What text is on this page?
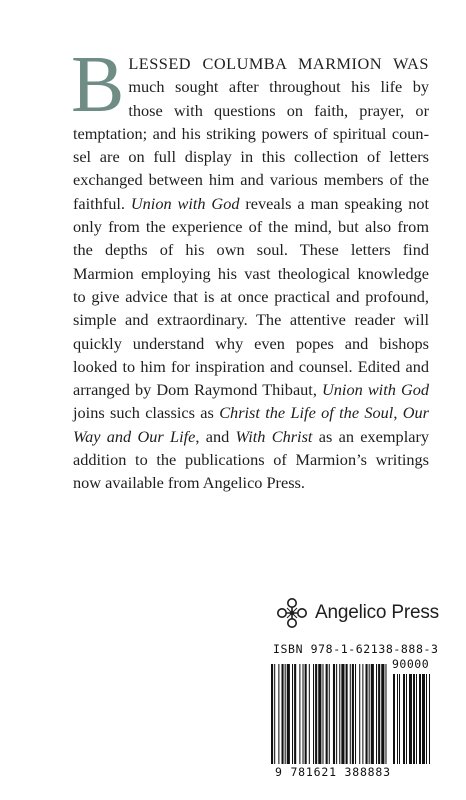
BLESSED COLUMBA MARMION WAS much sought after throughout his life by those with questions on faith, prayer, or temptation; and his striking powers of spiritual counsel are on full display in this collection of letters exchanged between him and various members of the faithful. Union with God reveals a man speaking not only from the experience of the mind, but also from the depths of his own soul. These letters find Marmion employing his vast theological knowledge to give advice that is at once practical and profound, simple and extraordinary. The attentive reader will quickly understand why even popes and bishops looked to him for inspiration and counsel. Edited and arranged by Dom Raymond Thibaut, Union with God joins such classics as Christ the Life of the Soul, Our Way and Our Life, and With Christ as an exemplary addition to the publications of Marmion’s writings now available from Angelico Press.

Angelico Press
ISBN 978-1-62138-888-3
90000
9 781621 388883
